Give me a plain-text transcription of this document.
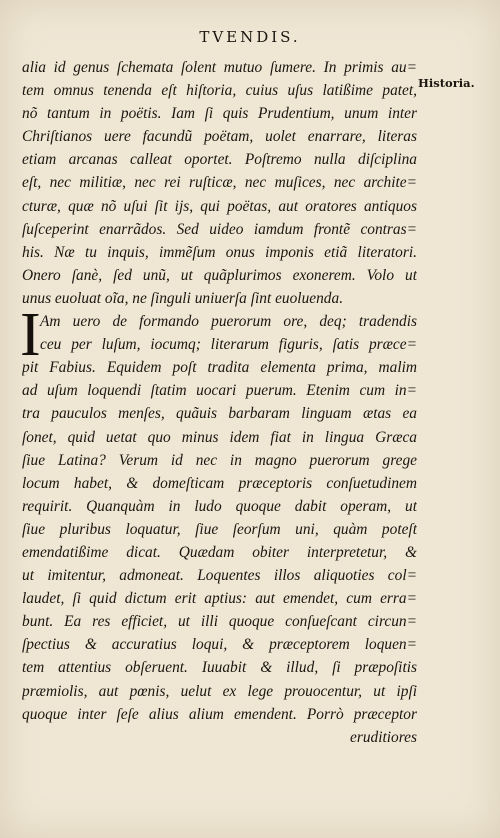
TVENDIS.
Historia.
I
alia id genus ſchemata ſolent mutuo ſumere. In primis au=
tem omnus tenenda eſt hiſtoria, cuius uſus latißime patet,
nõ tantum in poëtis. Iam ſi quis Prudentium, unum inter
Chriſtianos uere facundũ poëtam, uolet enarrare, literas
etiam arcanas calleat oportet. Poſtremo nulla diſciplina
eſt, nec militiæ, nec rei ruſticæ, nec muſices, nec archite=
cturæ, quæ nõ uſui ſit ijs, qui poëtas, aut oratores antiquos
ſuſceperint enarrãdos. Sed uideo iamdum frontẽ contras=
his. Næ tu inquis, immẽſum onus imponis etiã literatori.
Onero ſanè, ſed unũ, ut quãplurimos exonerem. Volo ut
unus euoluat oĩa, ne ſinguli uniuerſa ſint euoluenda.
Am uero de formando puerorum ore, deq; tradendis
ceu per luſum, iocumq; literarum figuris, ſatis præce=
pit Fabius. Equidem poſt tradita elementa prima, malim
ad uſum loquendi ſtatim uocari puerum. Etenim cum in=
tra pauculos menſes, quãuis barbaram linguam ætas ea
ſonet, quid uetat quo minus idem fiat in lingua Græca
ſiue Latina? Verum id nec in magno puerorum grege
locum habet, & domeſticam præceptoris conſuetudinem
requirit. Quanquàm in ludo quoque dabit operam, ut
ſiue pluribus loquatur, ſiue ſeorſum uni, quàm poteſt
emendatißime dicat. Quædam obiter interpretetur, &
ut imitentur, admoneat. Loquentes illos aliquoties col=
laudet, ſi quid dictum erit aptius: aut emendet, cum erra=
bunt. Ea res efficiet, ut illi quoque conſueſcant circun=
ſpectius & accuratius loqui, & præceptorem loquen=
tem attentius obſeruent. Iuuabit & illud, ſi præpoſitis
præmiolis, aut pœnis, uelut ex lege prouocentur, ut ipſi
quoque inter ſeſe alius alium emendent. Porrò præceptor
eruditiores
